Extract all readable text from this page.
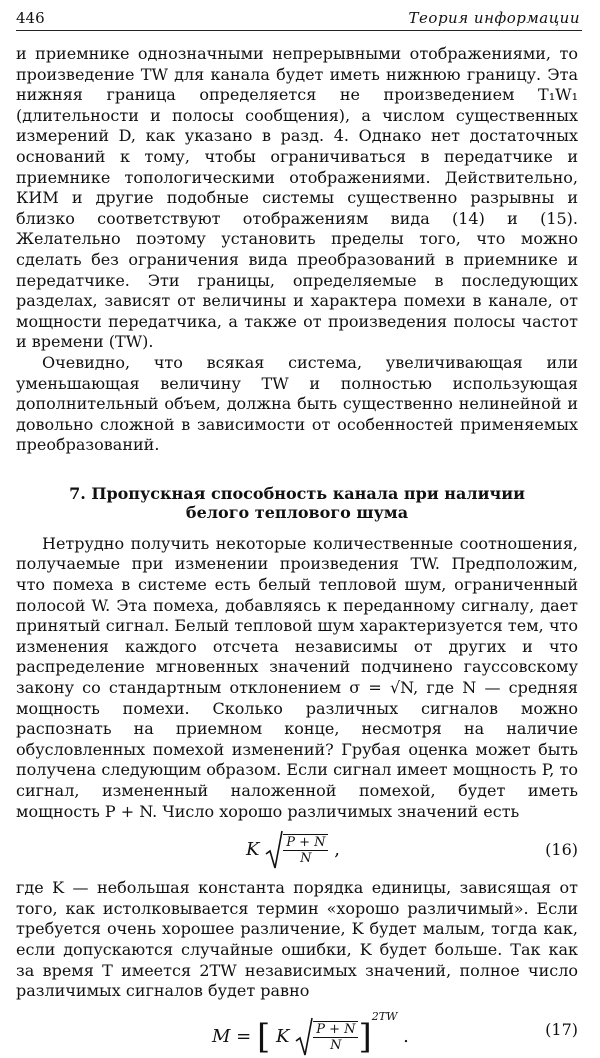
446	Теория информации

и приемнике однозначными непрерывными отображениями, то произведение TW для канала будет иметь нижнюю границу. Эта нижняя граница определяется не произведением T₁W₁ (длительности и полосы сообщения), а числом существенных измерений D, как указано в разд. 4. Однако нет достаточных оснований к тому, чтобы ограничиваться в передатчике и приемнике топологическими отображениями. Действительно, КИМ и другие подобные системы существенно разрывны и близко соответствуют отображениям вида (14) и (15). Желательно поэтому установить пределы того, что можно сделать без ограничения вида преобразований в приемнике и передатчике. Эти границы, определяемые в последующих разделах, зависят от величины и характера помехи в канале, от мощности передатчика, а также от произведения полосы частот и времени (TW).

Очевидно, что всякая система, увеличивающая или уменьшающая величину TW и полностью использующая дополнительный объем, должна быть существенно нелинейной и довольно сложной в зависимости от особенностей применяемых преобразований.

7. Пропускная способность канала при наличии
белого теплового шума

Нетрудно получить некоторые количественные соотношения, получаемые при изменении произведения TW. Предположим, что помеха в системе есть белый тепловой шум, ограниченный полосой W. Эта помеха, добавляясь к переданному сигналу, дает принятый сигнал. Белый тепловой шум характеризуется тем, что изменения каждого отсчета независимы от других и что распределение мгновенных значений подчинено гауссовскому закону со стандартным отклонением σ = √N, где N — средняя мощность помехи. Сколько различных сигналов можно распознать на приемном конце, несмотря на наличие обусловленных помехой изменений? Грубая оценка может быть получена следующим образом. Если сигнал имеет мощность P, то сигнал, измененный наложенной помехой, будет иметь мощность P + N. Число хорошо различимых значений есть

K $\frac{P + N}{N}$ ,	(16)

где K — небольшая константа порядка единицы, зависящая от того, как истолковывается термин «хорошо различимый». Если требуется очень хорошее различение, K будет малым, тогда как, если допускаются случайные ошибки, K будет больше. Так как за время T имеется 2TW независимых значений, полное число различимых сигналов будет равно

M = [ K $\frac{P + N}{N} ]^{2TW}$ .	(17)
